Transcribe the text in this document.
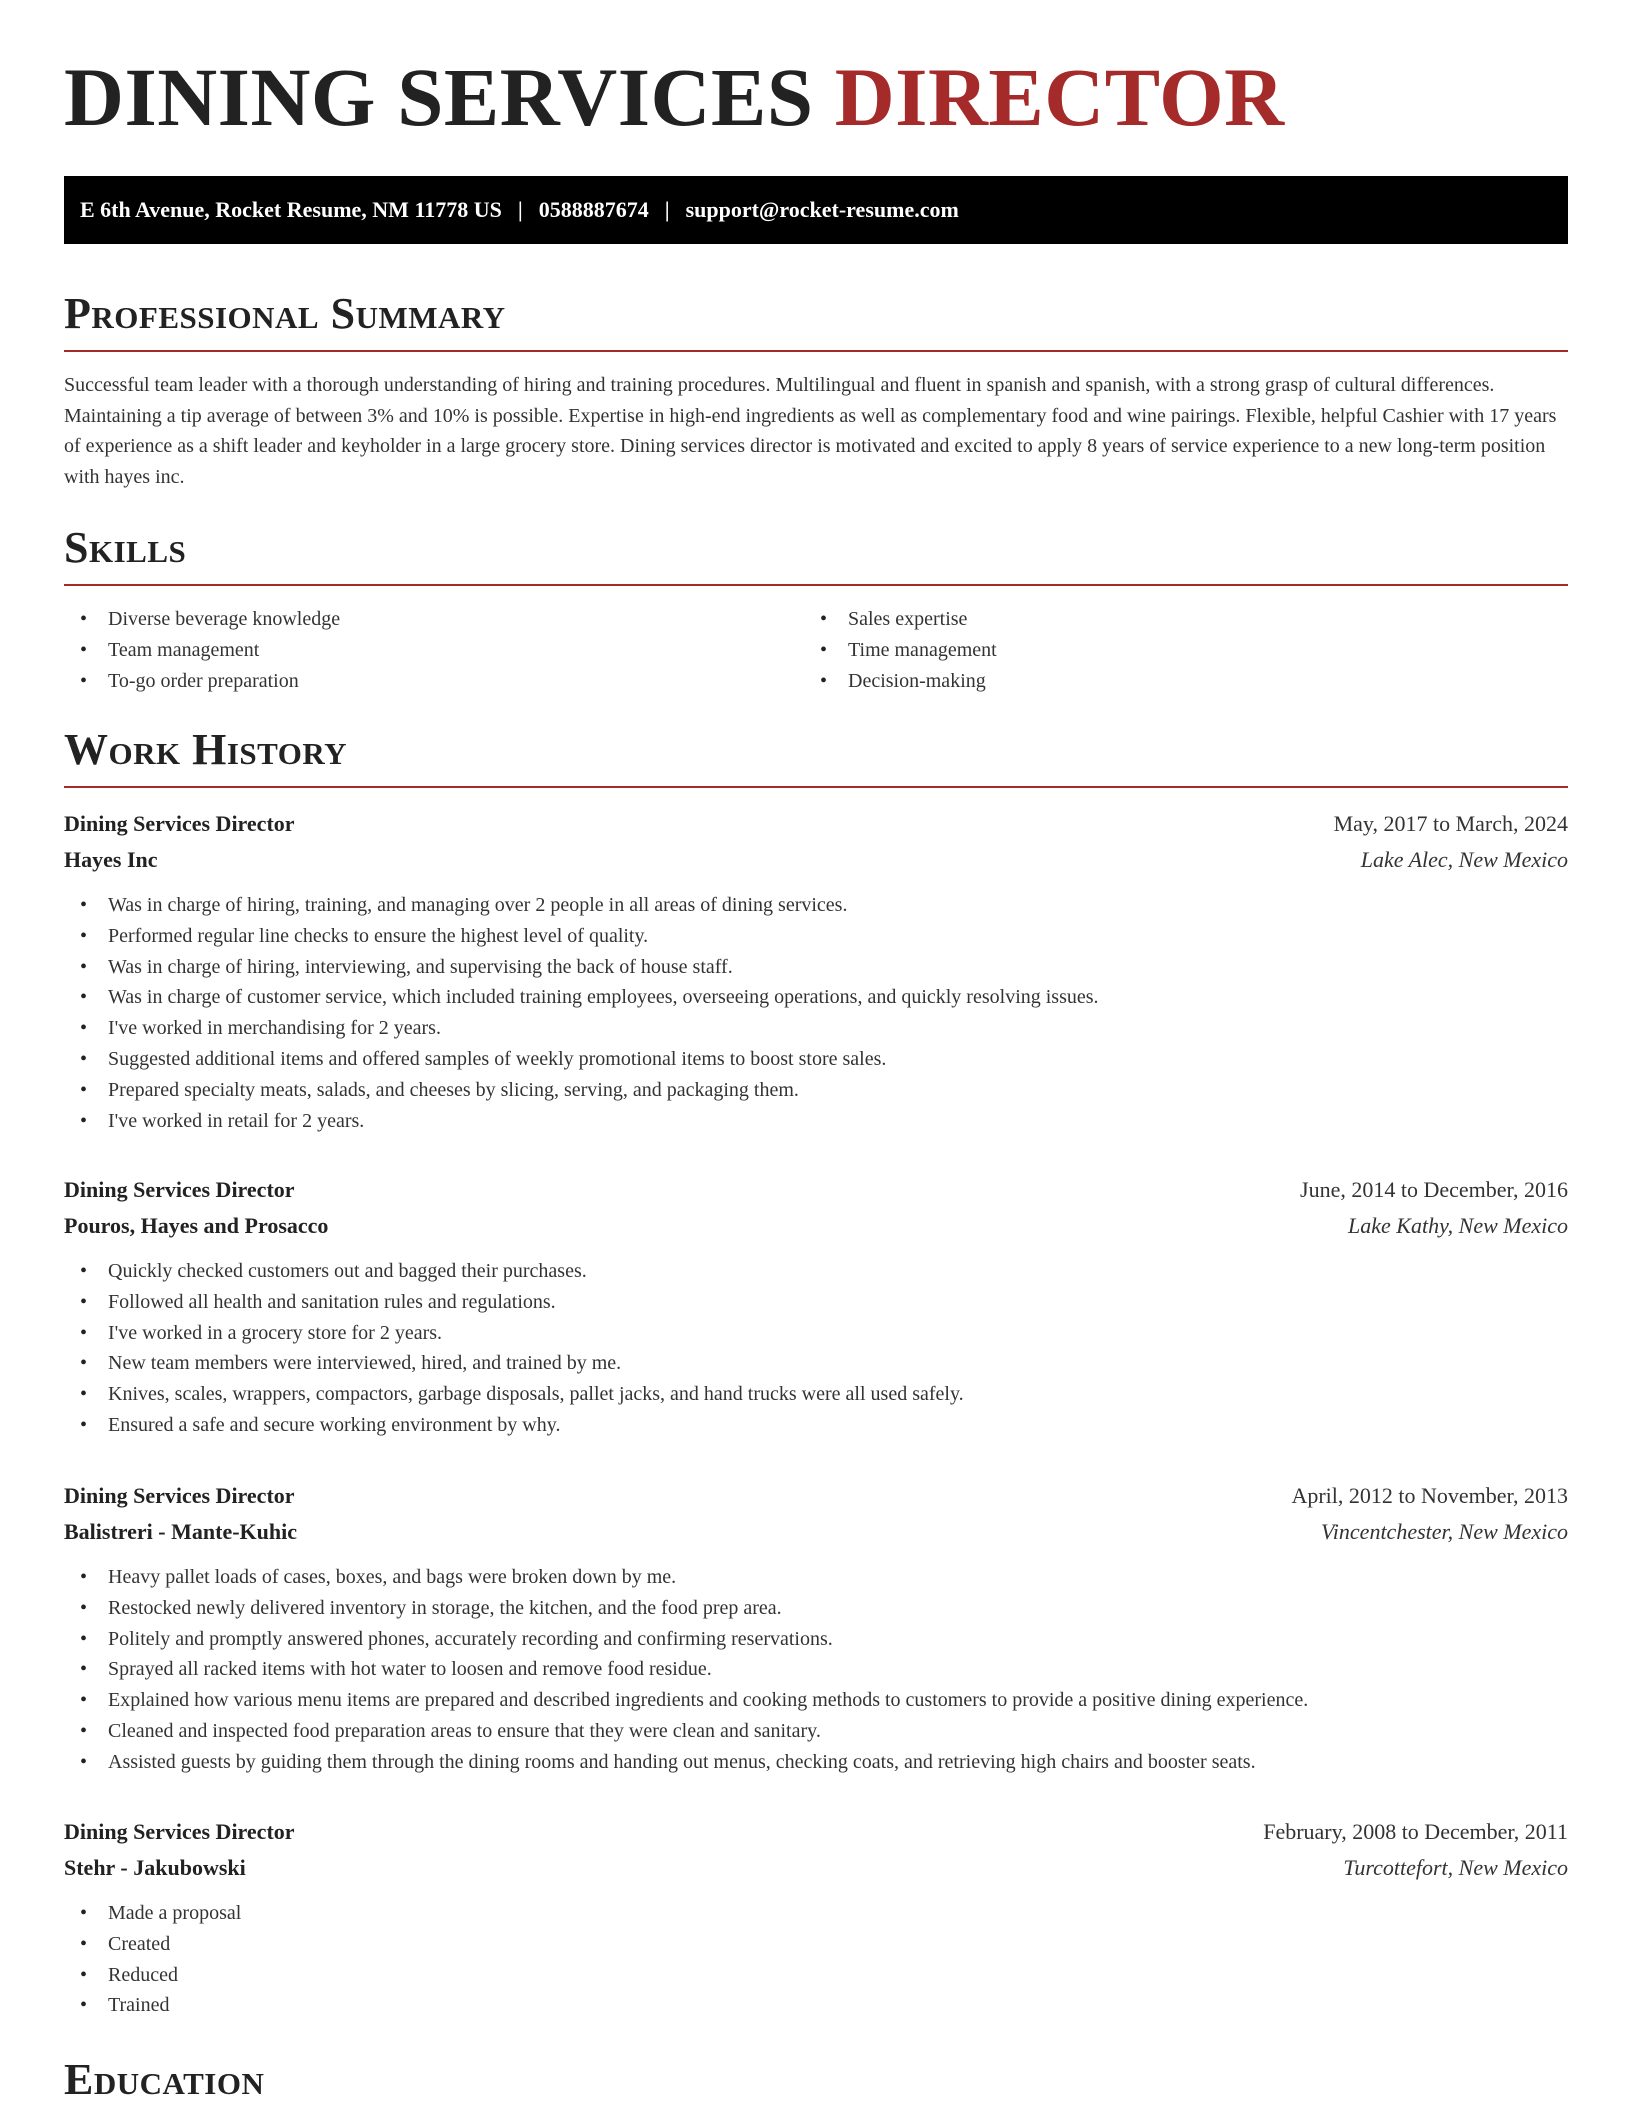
DINING SERVICES DIRECTOR
E 6th Avenue, Rocket Resume, NM 11778 US | 0588887674 | support@rocket-resume.com
Professional Summary

Successful team leader with a thorough understanding of hiring and training procedures. Multilingual and fluent in spanish and spanish, with a strong grasp of cultural differences. Maintaining a tip average of between 3% and 10% is possible. Expertise in high-end ingredients as well as complementary food and wine pairings. Flexible, helpful Cashier with 17 years of experience as a shift leader and keyholder in a large grocery store. Dining services director is motivated and excited to apply 8 years of service experience to a new long-term position with hayes inc.

Skills
• Diverse beverage knowledge
• Team management
• To-go order preparation
• Sales expertise
• Time management
• Decision-making
Work History
Dining Services Director	May, 2017 to March, 2024
Hayes Inc	Lake Alec, New Mexico
• Was in charge of hiring, training, and managing over 2 people in all areas of dining services.
• Performed regular line checks to ensure the highest level of quality.
• Was in charge of hiring, interviewing, and supervising the back of house staff.
• Was in charge of customer service, which included training employees, overseeing operations, and quickly resolving issues.
• I've worked in merchandising for 2 years.
• Suggested additional items and offered samples of weekly promotional items to boost store sales.
• Prepared specialty meats, salads, and cheeses by slicing, serving, and packaging them.
• I've worked in retail for 2 years.
Dining Services Director	June, 2014 to December, 2016
Pouros, Hayes and Prosacco	Lake Kathy, New Mexico
• Quickly checked customers out and bagged their purchases.
• Followed all health and sanitation rules and regulations.
• I've worked in a grocery store for 2 years.
• New team members were interviewed, hired, and trained by me.
• Knives, scales, wrappers, compactors, garbage disposals, pallet jacks, and hand trucks were all used safely.
• Ensured a safe and secure working environment by why.
Dining Services Director	April, 2012 to November, 2013
Balistreri - Mante-Kuhic	Vincentchester, New Mexico
• Heavy pallet loads of cases, boxes, and bags were broken down by me.
• Restocked newly delivered inventory in storage, the kitchen, and the food prep area.
• Politely and promptly answered phones, accurately recording and confirming reservations.
• Sprayed all racked items with hot water to loosen and remove food residue.
• Explained how various menu items are prepared and described ingredients and cooking methods to customers to provide a positive dining experience.
• Cleaned and inspected food preparation areas to ensure that they were clean and sanitary.
• Assisted guests by guiding them through the dining rooms and handing out menus, checking coats, and retrieving high chairs and booster seats.
Dining Services Director	February, 2008 to December, 2011
Stehr - Jakubowski	Turcottefort, New Mexico
• Made a proposal
• Created
• Reduced
• Trained
Education
